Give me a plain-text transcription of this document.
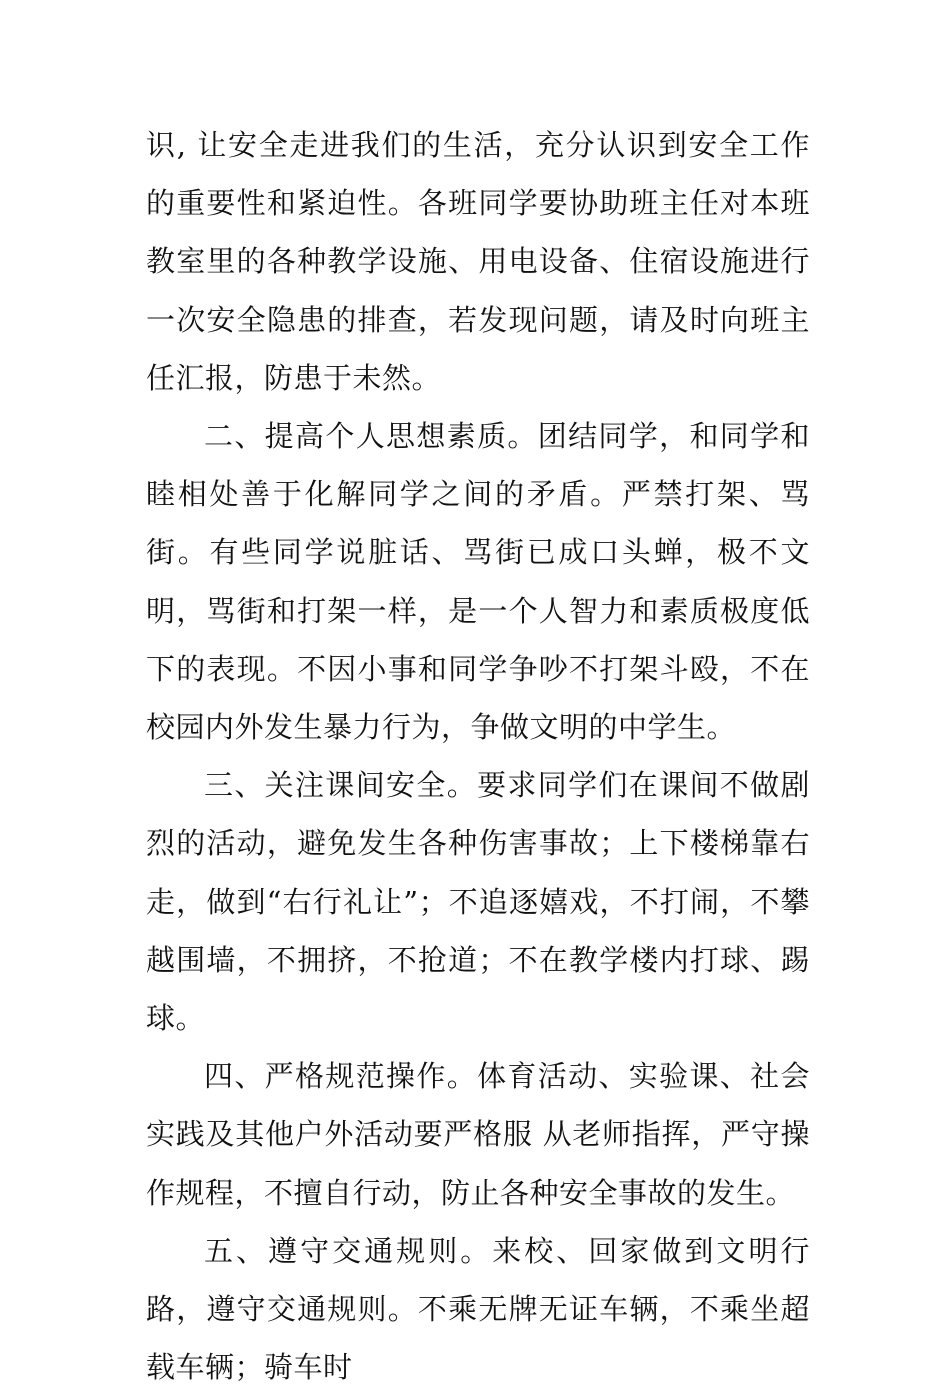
识, 让安全走进我们的生活，充分认识到安全工作的重要性和紧迫性。各班同学要协助班主任对本班教室里的各种教学设施、用电设备、住宿设施进行一次安全隐患的排查，若发现问题，请及时向班主任汇报，防患于未然。

二、提高个人思想素质。团结同学，和同学和睦相处善于化解同学之间的矛盾。严禁打架、骂街。有些同学说脏话、骂街已成口头蝉，极不文明，骂街和打架一样，是一个人智力和素质极度低下的表现。不因小事和同学争吵不打架斗殴，不在校园内外发生暴力行为，争做文明的中学生。

三、关注课间安全。要求同学们在课间不做剧烈的活动，避免发生各种伤害事故；上下楼梯靠右走，做到“右行礼让”；不追逐嬉戏，不打闹，不攀越围墙，不拥挤，不抢道；不在教学楼内打球、踢球。

四、严格规范操作。体育活动、实验课、社会实践及其他户外活动要严格服 从老师指挥，严守操作规程，不擅自行动，防止各种安全事故的发生。

五、遵守交通规则。来校、回家做到文明行路，遵守交通规则。不乘无牌无证车辆，不乘坐超载车辆；骑车时
